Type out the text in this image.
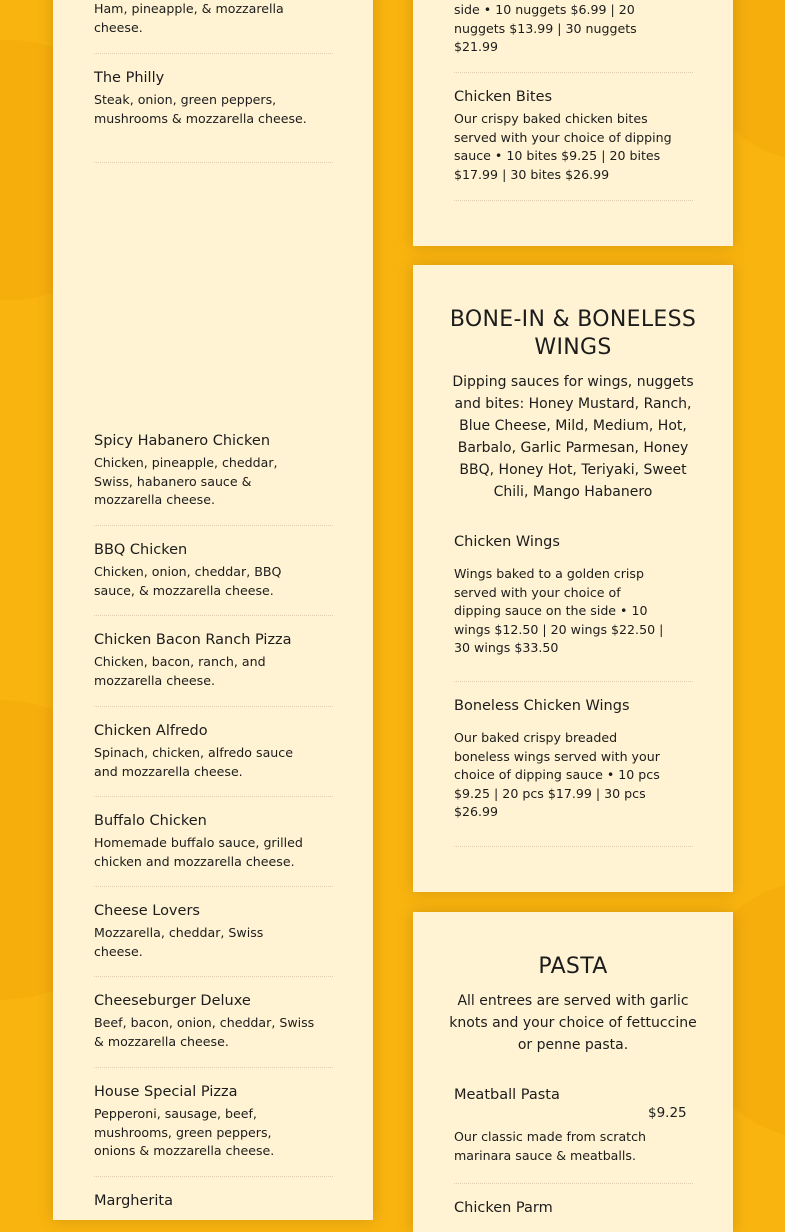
Ham, pineapple, & mozzarella cheese.
The Philly
Steak, onion, green peppers, mushrooms & mozzarella cheese.
Spicy Habanero Chicken
Chicken, pineapple, cheddar, Swiss, habanero sauce & mozzarella cheese.
BBQ Chicken
Chicken, onion, cheddar, BBQ sauce, & mozzarella cheese.
Chicken Bacon Ranch Pizza
Chicken, bacon, ranch, and mozzarella cheese.
Chicken Alfredo
Spinach, chicken, alfredo sauce and mozzarella cheese.
Buffalo Chicken
Homemade buffalo sauce, grilled chicken and mozzarella cheese.
Cheese Lovers
Mozzarella, cheddar, Swiss cheese.
Cheeseburger Deluxe
Beef, bacon, onion, cheddar, Swiss & mozzarella cheese.
House Special Pizza
Pepperoni, sausage, beef, mushrooms, green peppers, onions & mozzarella cheese.
Margherita
side • 10 nuggets $6.99 | 20 nuggets $13.99 | 30 nuggets $21.99
Chicken Bites
Our crispy baked chicken bites served with your choice of dipping sauce • 10 bites $9.25 | 20 bites $17.99 | 30 bites $26.99
BONE-IN & BONELESS WINGS
Dipping sauces for wings, nuggets and bites: Honey Mustard, Ranch, Blue Cheese, Mild, Medium, Hot, Barbalo, Garlic Parmesan, Honey BBQ, Honey Hot, Teriyaki, Sweet Chili, Mango Habanero
Chicken Wings
Wings baked to a golden crisp served with your choice of dipping sauce on the side • 10 wings $12.50 | 20 wings $22.50 | 30 wings $33.50
Boneless Chicken Wings
Our baked crispy breaded boneless wings served with your choice of dipping sauce • 10 pcs $9.25 | 20 pcs $17.99 | 30 pcs $26.99
PASTA
All entrees are served with garlic knots and your choice of fettuccine or penne pasta.
Meatball Pasta
Our classic made from scratch marinara sauce & meatballs.
$9.25
Chicken Parm
